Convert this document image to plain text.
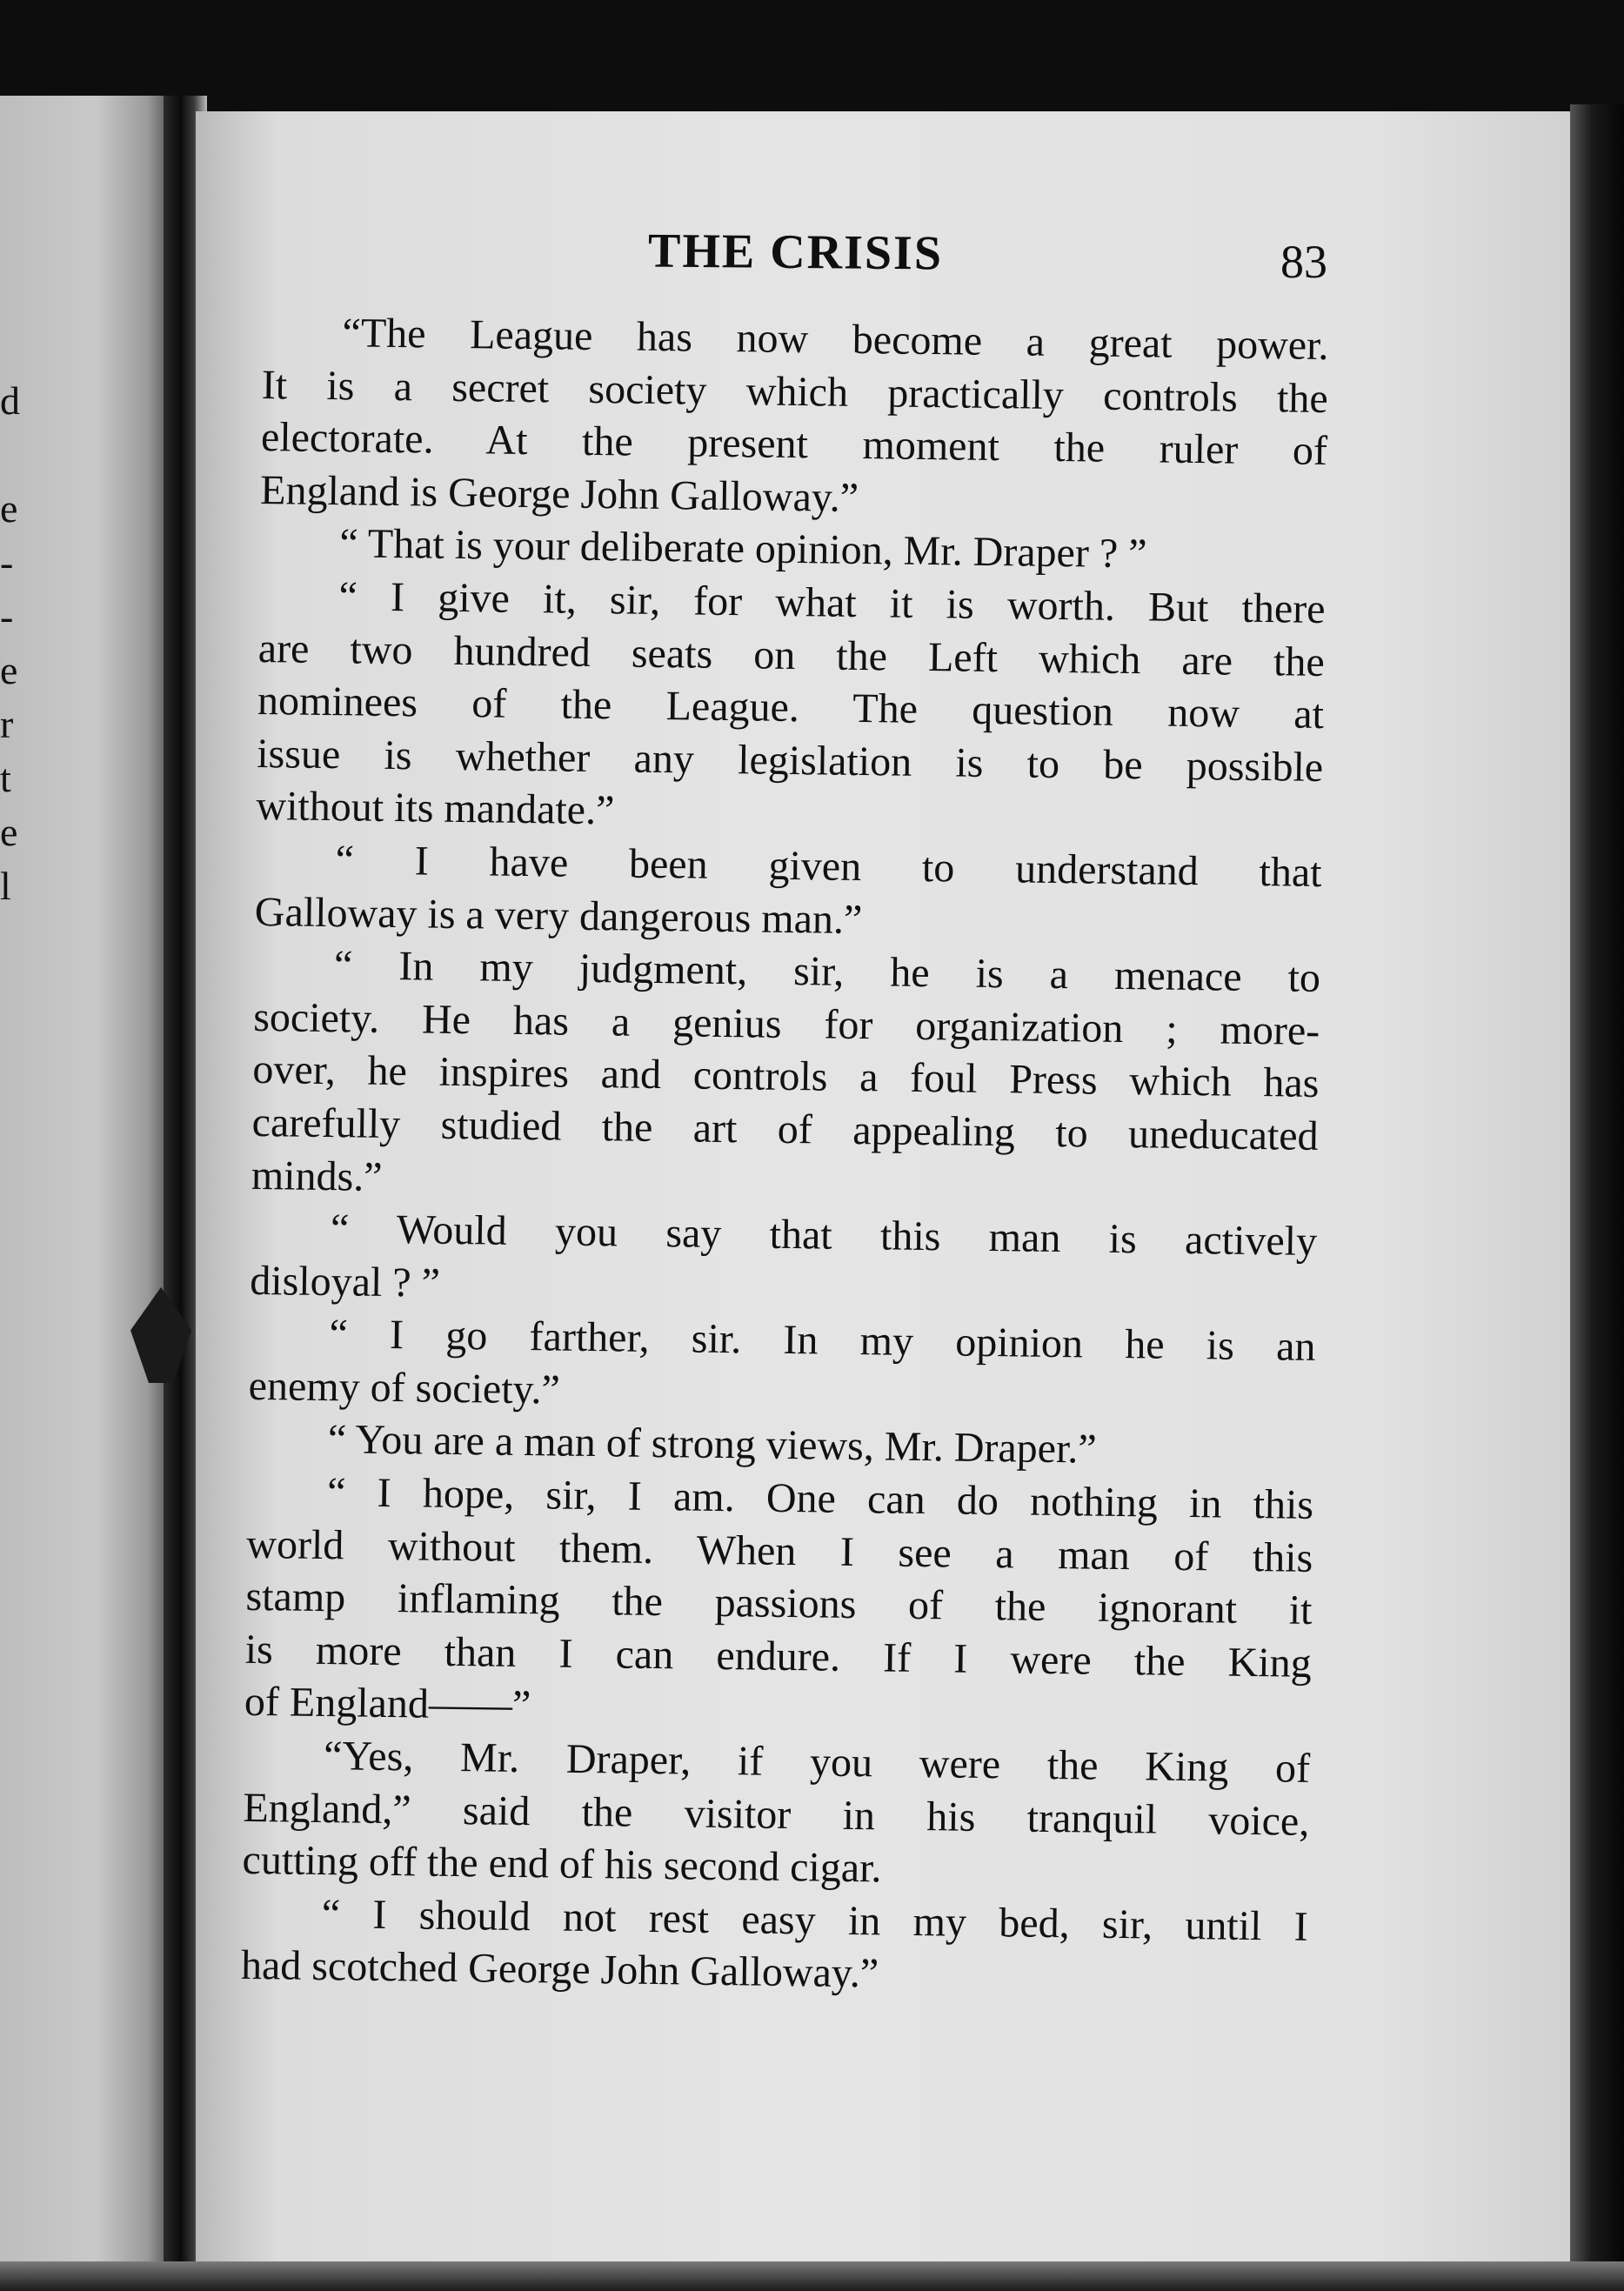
d
e
-
-
e
r
t
e
l
THE CRISIS	83
“The League has now become a great power.
It is a secret society which practically controls the
electorate. At the present moment the ruler of
England is George John Galloway.”
“ That is your deliberate opinion, Mr. Draper ? ”
“ I give it, sir, for what it is worth. But there
are two hundred seats on the Left which are the
nominees of the League. The question now at
issue is whether any legislation is to be possible
without its mandate.”
“ I have been given to understand that
Galloway is a very dangerous man.”
“ In my judgment, sir, he is a menace to
society. He has a genius for organization ; more-
over, he inspires and controls a foul Press which has
carefully studied the art of appealing to uneducated
minds.”
“ Would you say that this man is actively
disloyal ? ”
“ I go farther, sir. In my opinion he is an
enemy of society.”
“ You are a man of strong views, Mr. Draper.”
“ I hope, sir, I am. One can do nothing in this
world without them. When I see a man of this
stamp inflaming the passions of the ignorant it
is more than I can endure. If I were the King
of England——”
“Yes, Mr. Draper, if you were the King of
England,” said the visitor in his tranquil voice,
cutting off the end of his second cigar.
“ I should not rest easy in my bed, sir, until I
had scotched George John Galloway.”
